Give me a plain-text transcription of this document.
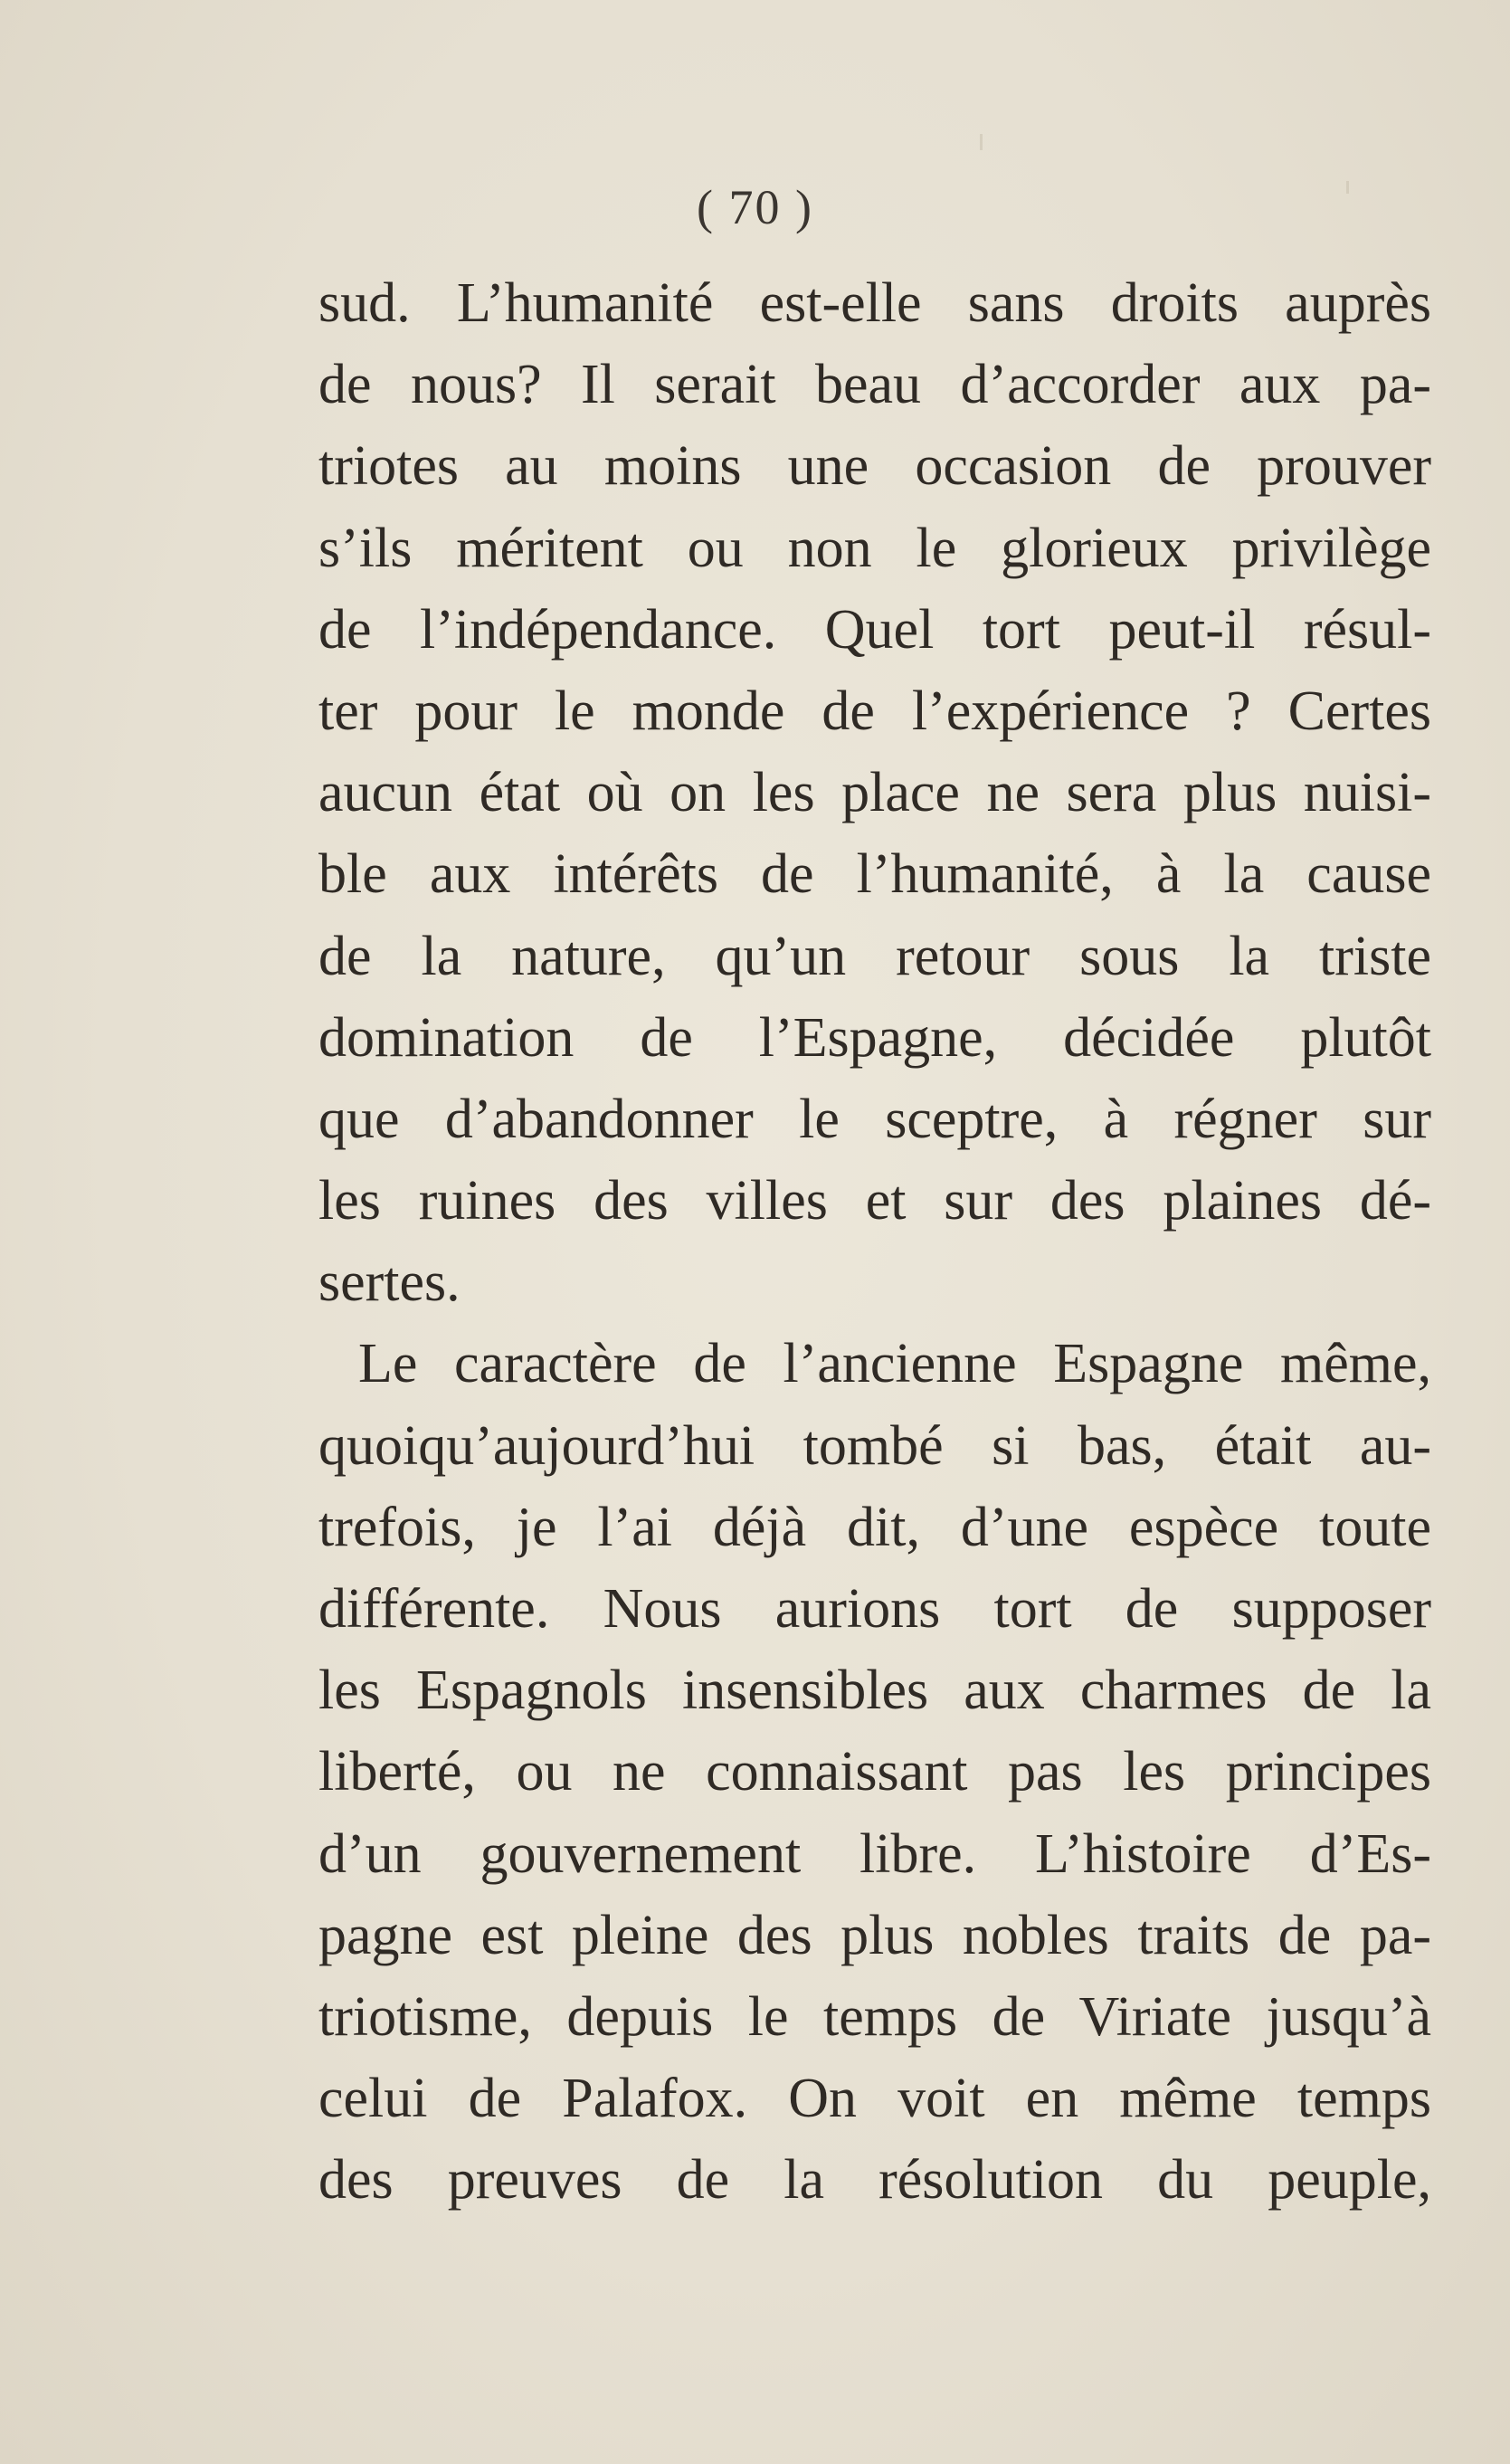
( 70 )
sud. L’humanité est-elle sans droits auprès
de nous? Il serait beau d’accorder aux pa-
triotes au moins une occasion de prouver
s’ils méritent ou non le glorieux privilège
de l’indépendance. Quel tort peut-il résul-
ter pour le monde de l’expérience ? Certes
aucun état où on les place ne sera plus nuisi-
ble aux intérêts de l’humanité, à la cause
de la nature, qu’un retour sous la triste
domination de l’Espagne, décidée plutôt
que d’abandonner le sceptre, à régner sur
les ruines des villes et sur des plaines dé-
sertes.
Le caractère de l’ancienne Espagne même,
quoiqu’aujourd’hui tombé si bas, était au-
trefois, je l’ai déjà dit, d’une espèce toute
différente. Nous aurions tort de supposer
les Espagnols insensibles aux charmes de la
liberté, ou ne connaissant pas les principes
d’un gouvernement libre. L’histoire d’Es-
pagne est pleine des plus nobles traits de pa-
triotisme, depuis le temps de Viriate jusqu’à
celui de Palafox. On voit en même temps
des preuves de la résolution du peuple,
